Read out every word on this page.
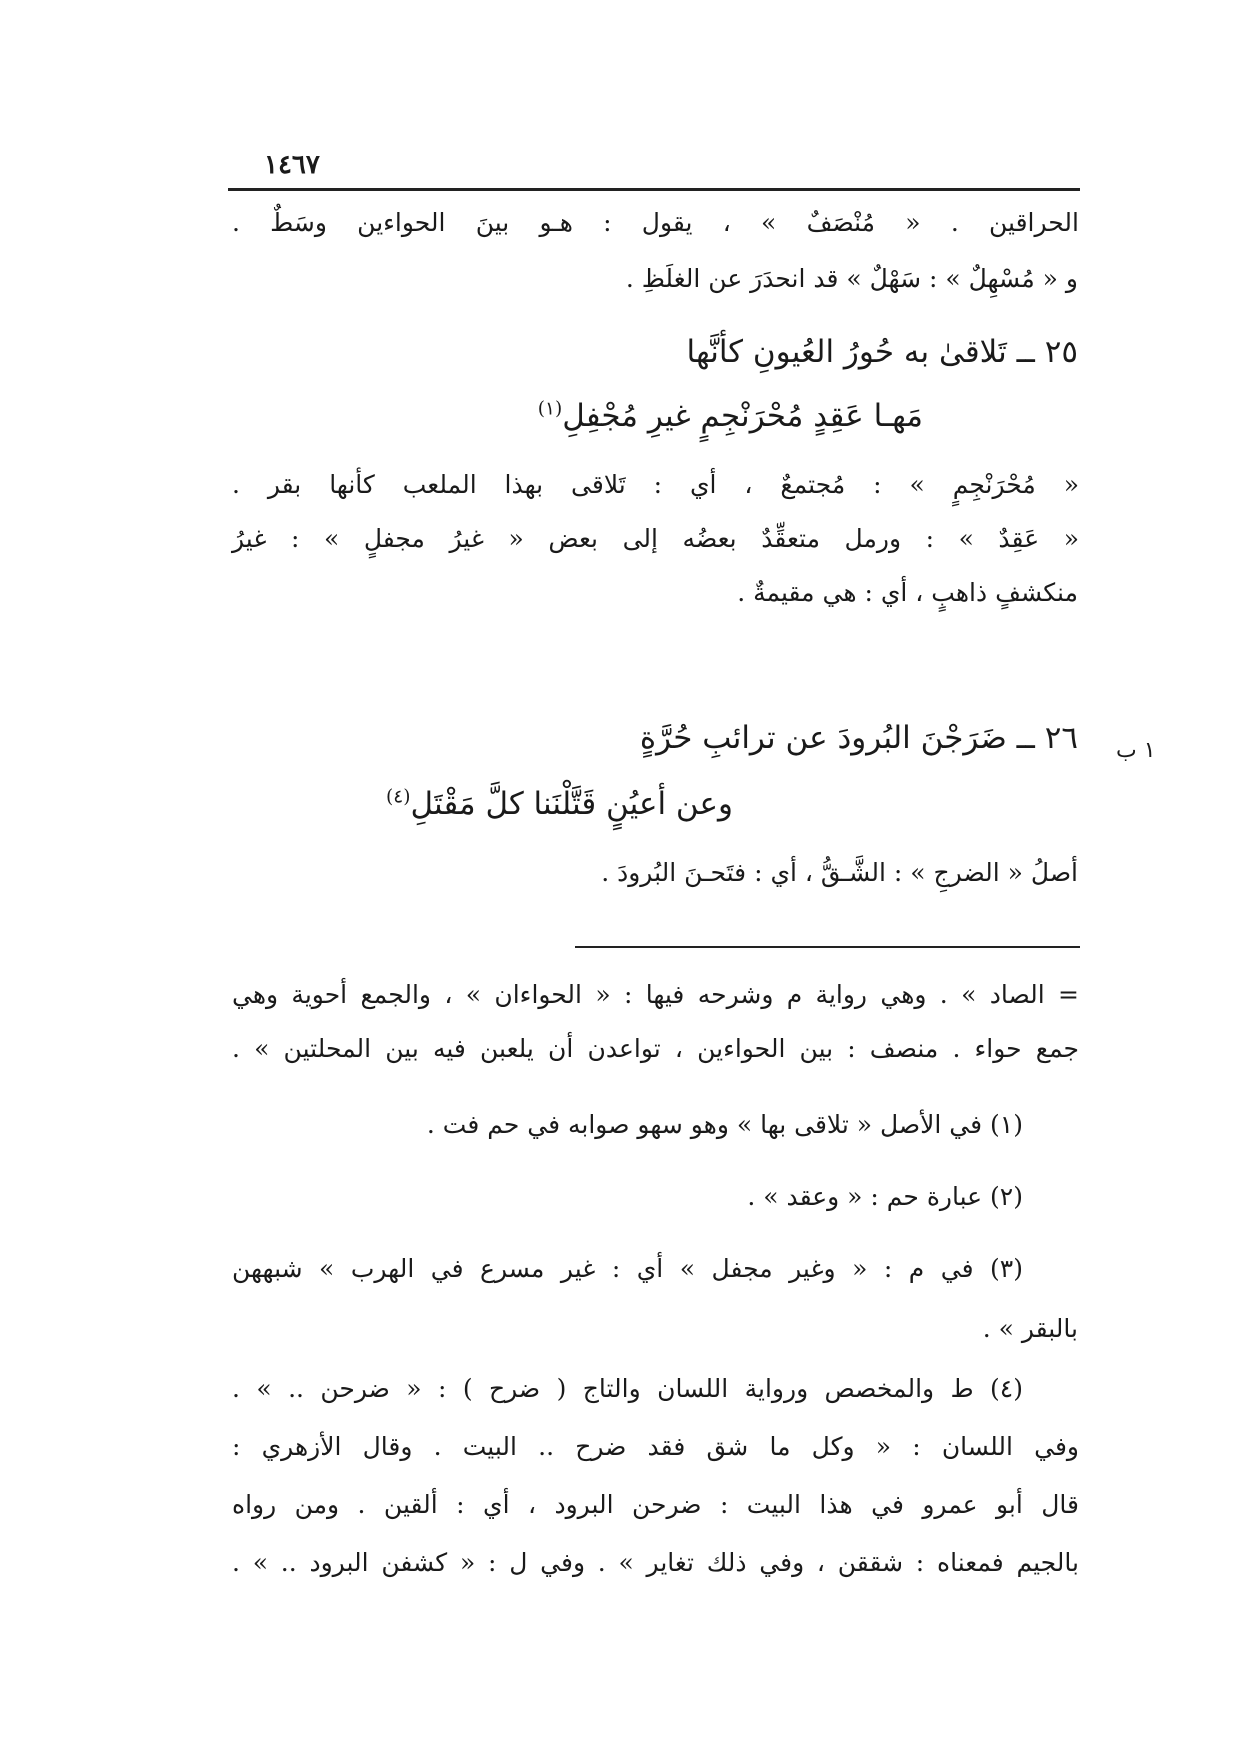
١٤٦٧
الحراقين . « مُنْصَفٌ » ، يقول : هـو بينَ الحواءين وسَطٌ .
و « مُسْهِلٌ » : سَهْلٌ » قد انحدَرَ عن الغلَظِ .
٢٥ ــ تَلاقىٰ به حُورُ العُيونِ كأنَّها
مَهـا عَقِدٍ مُحْرَنْجِمٍ غيرِ مُجْفِلِ$^{(١)}$
« مُحْرَنْجِمٍ » : مُجتمعٌ ، أي : تَلاقى بهذا الملعب كأنها بقر .
« عَقِدٌ » : ورمل متعقِّدٌ بعضُه إلى بعض « غيرُ مجفلٍ » : غيرُ
منكشفٍ ذاهبٍ ، أي : هي مقيمةٌ .
١ ب
٢٦ ــ ضَرَجْنَ البُرودَ عن ترائبِ حُرَّةٍ
وعن أعيُنٍ قَتَّلْنَنا كلَّ مَقْتَلِ$^{(٤)}$
أصلُ « الضرجِ » : الشَّـقُّ ، أي : فتَحـنَ البُرودَ .
= الصاد » . وهي رواية م وشرحه فيها : « الحواءان » ، والجمع أحوية وهي
جمع حواء . منصف : بين الحواءين ، تواعدن أن يلعبن فيه بين المحلتين » .
(١) في الأصل « تلاقى بها » وهو سهو صوابه في حم فت .
(٢) عبارة حم : « وعقد » .
(٣) في م : « وغير مجفل » أي : غير مسرع في الهرب » شبههن
بالبقر » .
(٤) ط والمخصص ورواية اللسان والتاج ( ضرح ) : « ضرحن .. » .
وفي اللسان : « وكل ما شق فقد ضرح .. البيت . وقال الأزهري :
قال أبو عمرو في هذا البيت : ضرحن البرود ، أي : ألقين . ومن رواه
بالجيم فمعناه : شققن ، وفي ذلك تغاير » . وفي ل : « كشفن البرود .. » .
